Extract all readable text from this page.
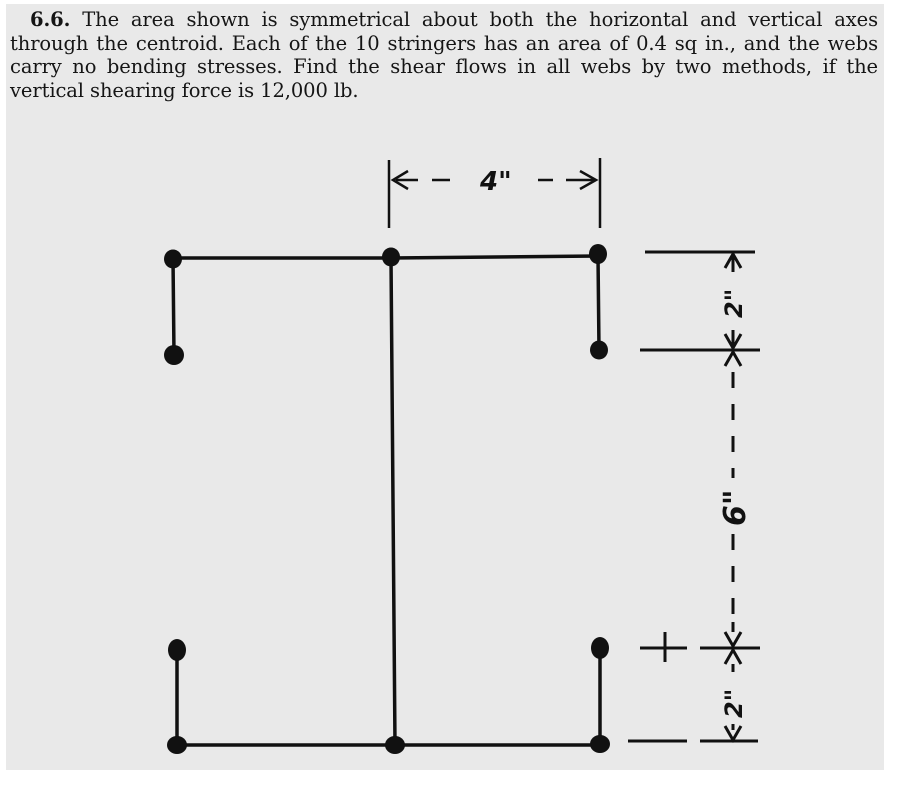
6.6. The area shown is symmetrical about both the horizontal and vertical axes through the centroid. Each of the 10 stringers has an area of 0.4 sq in., and the webs carry no bending stresses. Find the shear flows in all webs by two methods, if the vertical shearing force is 12,000 lb.
4"
2"
6"
2"
